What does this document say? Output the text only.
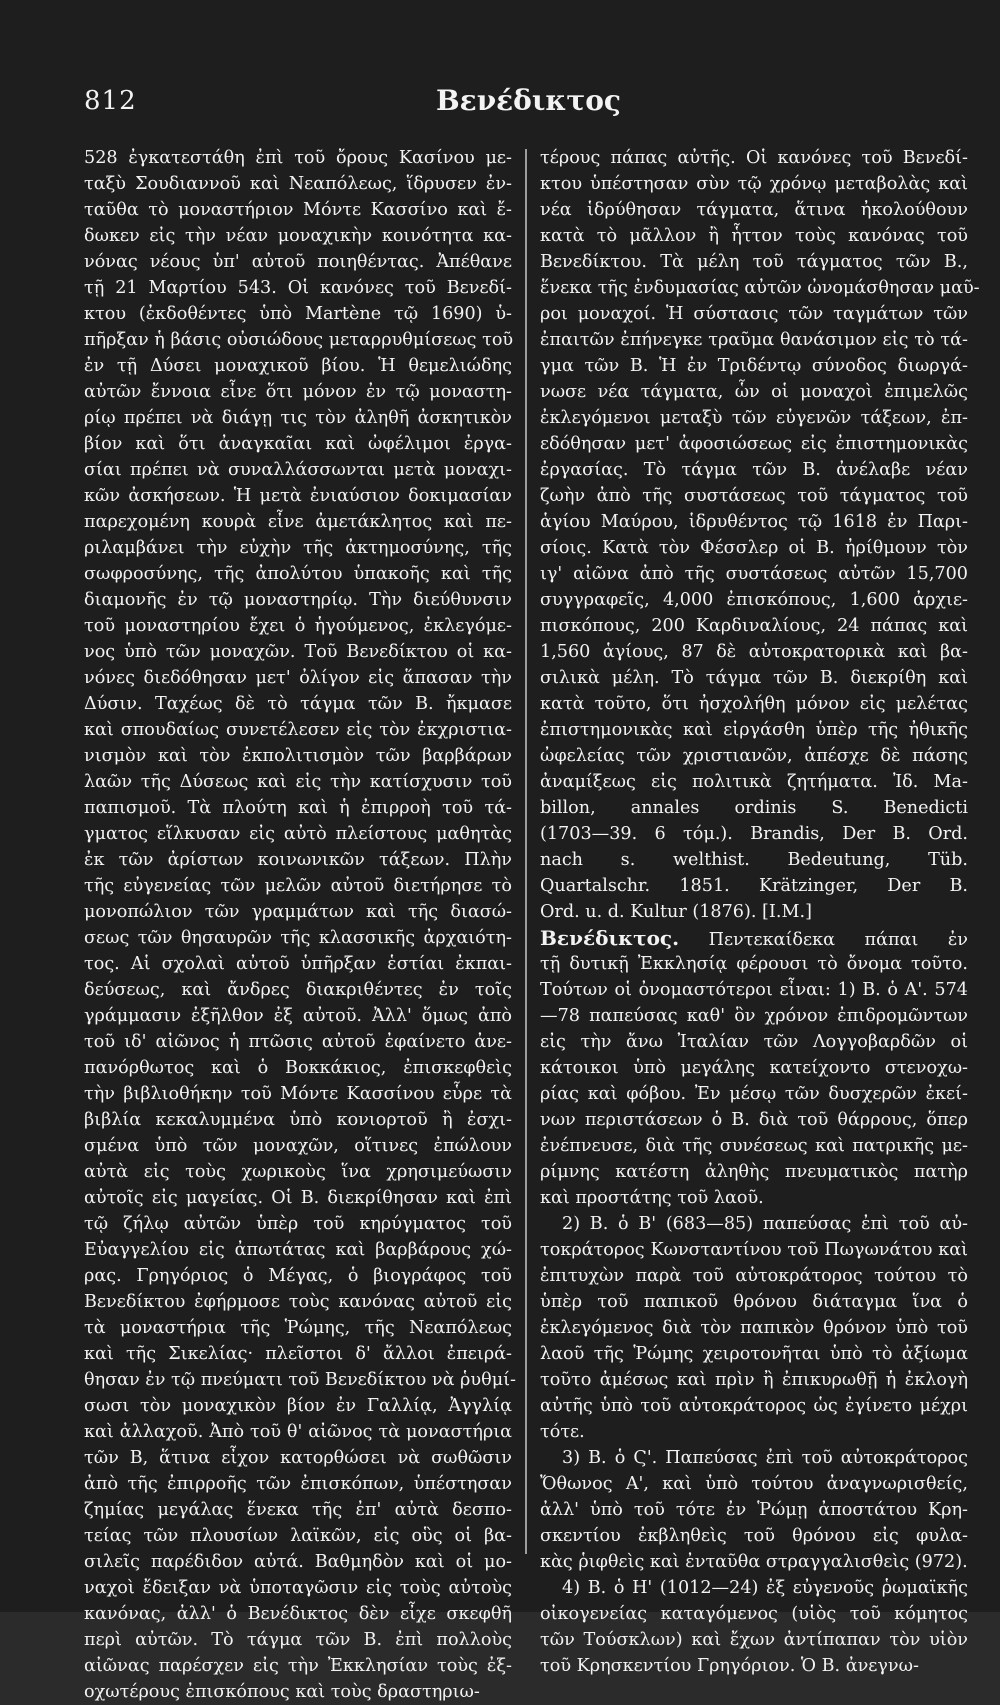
812	Βενέδικτος
528 ἐγκατεστάθη ἐπὶ τοῦ ὄρους Κασίνου με-
ταξὺ Σουδιαννοῦ καὶ Νεαπόλεως, ἵδρυσεν ἐν-
ταῦθα τὸ μοναστήριον Μόντε Κασσίνο καὶ ἔ-
δωκεν εἰς τὴν νέαν μοναχικὴν κοινότητα κα-
νόνας νέους ὑπ' αὐτοῦ ποιηθέντας. Ἀπέθανε
τῇ 21 Μαρτίου 543. Οἱ κανόνες τοῦ Βενεδί-
κτου (ἐκδοθέντες ὑπὸ Martène τῷ 1690) ὑ-
πῆρξαν ἡ βάσις οὐσιώδους μεταρρυθμίσεως τοῦ
ἐν τῇ Δύσει μοναχικοῦ βίου. Ἡ θεμελιώδης
αὐτῶν ἔννοια εἶνε ὅτι μόνον ἐν τῷ μοναστη-
ρίῳ πρέπει νὰ διάγῃ τις τὸν ἀληθῆ ἀσκητικὸν
βίον καὶ ὅτι ἀναγκαῖαι καὶ ὠφέλιμοι ἐργα-
σίαι πρέπει νὰ συναλλάσσωνται μετὰ μοναχι-
κῶν ἀσκήσεων. Ἡ μετὰ ἐνιαύσιον δοκιμασίαν
παρεχομένη κουρὰ εἶνε ἀμετάκλητος καὶ πε-
ριλαμβάνει τὴν εὐχὴν τῆς ἀκτημοσύνης, τῆς
σωφροσύνης, τῆς ἀπολύτου ὑπακοῆς καὶ τῆς
διαμονῆς ἐν τῷ μοναστηρίῳ. Τὴν διεύθυνσιν
τοῦ μοναστηρίου ἔχει ὁ ἡγούμενος, ἐκλεγόμε-
νος ὑπὸ τῶν μοναχῶν. Τοῦ Βενεδίκτου οἱ κα-
νόνες διεδόθησαν μετ' ὀλίγον εἰς ἅπασαν τὴν
Δύσιν. Ταχέως δὲ τὸ τάγμα τῶν Β. ἤκμασε
καὶ σπουδαίως συνετέλεσεν εἰς τὸν ἐκχριστια-
νισμὸν καὶ τὸν ἐκπολιτισμὸν τῶν βαρβάρων
λαῶν τῆς Δύσεως καὶ εἰς τὴν κατίσχυσιν τοῦ
παπισμοῦ. Τὰ πλούτη καὶ ἡ ἐπιρροὴ τοῦ τά-
γματος εἵλκυσαν εἰς αὐτὸ πλείστους μαθητὰς
ἐκ τῶν ἀρίστων κοινωνικῶν τάξεων. Πλὴν
τῆς εὐγενείας τῶν μελῶν αὐτοῦ διετήρησε τὸ
μονοπώλιον τῶν γραμμάτων καὶ τῆς διασώ-
σεως τῶν θησαυρῶν τῆς κλασσικῆς ἀρχαιότη-
τος. Αἱ σχολαὶ αὐτοῦ ὑπῆρξαν ἑστίαι ἐκπαι-
δεύσεως, καὶ ἄνδρες διακριθέντες ἐν τοῖς
γράμμασιν ἐξῆλθον ἐξ αὐτοῦ. Ἀλλ' ὅμως ἀπὸ
τοῦ ιδ' αἰῶνος ἡ πτῶσις αὐτοῦ ἐφαίνετο ἀνε-
πανόρθωτος καὶ ὁ Βοκκάκιος, ἐπισκεφθεὶς
τὴν βιβλιοθήκην τοῦ Μόντε Κασσίνου εὗρε τὰ
βιβλία κεκαλυμμένα ὑπὸ κονιορτοῦ ἢ ἐσχι-
σμένα ὑπὸ τῶν μοναχῶν, οἵτινες ἐπώλουν
αὐτὰ εἰς τοὺς χωρικοὺς ἵνα χρησιμεύωσιν
αὐτοῖς εἰς μαγείας. Οἱ Β. διεκρίθησαν καὶ ἐπὶ
τῷ ζήλῳ αὐτῶν ὑπὲρ τοῦ κηρύγματος τοῦ
Εὐαγγελίου εἰς ἀπωτάτας καὶ βαρβάρους χώ-
ρας. Γρηγόριος ὁ Μέγας, ὁ βιογράφος τοῦ
Βενεδίκτου ἐφήρμοσε τοὺς κανόνας αὐτοῦ εἰς
τὰ μοναστήρια τῆς Ῥώμης, τῆς Νεαπόλεως
καὶ τῆς Σικελίας· πλεῖστοι δ' ἄλλοι ἐπειρά-
θησαν ἐν τῷ πνεύματι τοῦ Βενεδίκτου νὰ ῥυθμί-
σωσι τὸν μοναχικὸν βίον ἐν Γαλλίᾳ, Ἀγγλίᾳ
καὶ ἀλλαχοῦ. Ἀπὸ τοῦ θ' αἰῶνος τὰ μοναστήρια
τῶν Β, ἅτινα εἶχον κατορθώσει νὰ σωθῶσιν
ἀπὸ τῆς ἐπιρροῆς τῶν ἐπισκόπων, ὑπέστησαν
ζημίας μεγάλας ἕνεκα τῆς ἐπ' αὐτὰ δεσπο-
τείας τῶν πλουσίων λαϊκῶν, εἰς οὓς οἱ βα-
σιλεῖς παρέδιδον αὐτά. Βαθμηδὸν καὶ οἱ μο-
ναχοὶ ἔδειξαν νὰ ὑποταγῶσιν εἰς τοὺς αὐτοὺς
κανόνας, ἀλλ' ὁ Βενέδικτος δὲν εἶχε σκεφθῆ
περὶ αὐτῶν. Τὸ τάγμα τῶν Β. ἐπὶ πολλοὺς
αἰῶνας παρέσχεν εἰς τὴν Ἐκκλησίαν τοὺς ἐξ-
οχωτέρους ἐπισκόπους καὶ τοὺς δραστηριω-
τέρους πάπας αὐτῆς. Οἱ κανόνες τοῦ Βενεδί-
κτου ὑπέστησαν σὺν τῷ χρόνῳ μεταβολὰς καὶ
νέα ἱδρύθησαν τάγματα, ἅτινα ἠκολούθουν
κατὰ τὸ μᾶλλον ἢ ἧττον τοὺς κανόνας τοῦ
Βενεδίκτου. Τὰ μέλη τοῦ τάγματος τῶν Β.,
ἕνεκα τῆς ἐνδυμασίας αὐτῶν ὠνομάσθησαν μαῦ-
ροι μοναχοί. Ἡ σύστασις τῶν ταγμάτων τῶν
ἐπαιτῶν ἐπήνεγκε τραῦμα θανάσιμον εἰς τὸ τά-
γμα τῶν Β. Ἡ ἐν Τριδέντῳ σύνοδος διωργά-
νωσε νέα τάγματα, ὧν οἱ μοναχοὶ ἐπιμελῶς
ἐκλεγόμενοι μεταξὺ τῶν εὐγενῶν τάξεων, ἐπ-
εδόθησαν μετ' ἀφοσιώσεως εἰς ἐπιστημονικὰς
ἐργασίας. Τὸ τάγμα τῶν Β. ἀνέλαβε νέαν
ζωὴν ἀπὸ τῆς συστάσεως τοῦ τάγματος τοῦ
ἁγίου Μαύρου, ἱδρυθέντος τῷ 1618 ἐν Παρι-
σίοις. Κατὰ τὸν Φέσσλερ οἱ Β. ἠρίθμουν τὸν
ιγ' αἰῶνα ἀπὸ τῆς συστάσεως αὐτῶν 15,700
συγγραφεῖς, 4,000 ἐπισκόπους, 1,600 ἀρχιε-
πισκόπους, 200 Καρδιναλίους, 24 πάπας καὶ
1,560 ἁγίους, 87 δὲ αὐτοκρατορικὰ καὶ βα-
σιλικὰ μέλη. Τὸ τάγμα τῶν Β. διεκρίθη καὶ
κατὰ τοῦτο, ὅτι ἠσχολήθη μόνον εἰς μελέτας
ἐπιστημονικὰς καὶ εἰργάσθη ὑπὲρ τῆς ἠθικῆς
ὠφελείας τῶν χριστιανῶν, ἀπέσχε δὲ πάσης
ἀναμίξεως εἰς πολιτικὰ ζητήματα. Ἰδ. Ma-
billon, annales ordinis S. Benedicti
(1703—39. 6 τόμ.). Brandis, Der B. Ord.
nach s. welthist. Bedeutung, Tüb.
Quartalschr. 1851. Krätzinger, Der B.
Ord. u. d. Kultur (1876). [I.M.]
Βενέδικτος. Πεντεκαίδεκα πάπαι ἐν
τῇ δυτικῇ Ἐκκλησίᾳ φέρουσι τὸ ὄνομα τοῦτο.
Τούτων οἱ ὀνομαστότεροι εἶναι: 1) Β. ὁ Α'. 574
—78 παπεύσας καθ' ὃν χρόνον ἐπιδρομῶντων
εἰς τὴν ἄνω Ἰταλίαν τῶν Λογγοβαρδῶν οἱ
κάτοικοι ὑπὸ μεγάλης κατείχοντο στενοχω-
ρίας καὶ φόβου. Ἐν μέσῳ τῶν δυσχερῶν ἐκεί-
νων περιστάσεων ὁ Β. διὰ τοῦ θάρρους, ὅπερ
ἐνέπνευσε, διὰ τῆς συνέσεως καὶ πατρικῆς με-
ρίμνης κατέστη ἀληθὴς πνευματικὸς πατὴρ
καὶ προστάτης τοῦ λαοῦ.
2) Β. ὁ Β' (683—85) παπεύσας ἐπὶ τοῦ αὐ-
τοκράτορος Κωνσταντίνου τοῦ Πωγωνάτου καὶ
ἐπιτυχὼν παρὰ τοῦ αὐτοκράτορος τούτου τὸ
ὑπὲρ τοῦ παπικοῦ θρόνου διάταγμα ἵνα ὁ
ἐκλεγόμενος διὰ τὸν παπικὸν θρόνον ὑπὸ τοῦ
λαοῦ τῆς Ῥώμης χειροτονῆται ὑπὸ τὸ ἀξίωμα
τοῦτο ἀμέσως καὶ πρὶν ἢ ἐπικυρωθῇ ἡ ἐκλογὴ
αὐτῆς ὑπὸ τοῦ αὐτοκράτορος ὡς ἐγίνετο μέχρι
τότε.
3) Β. ὁ Ϛ'. Παπεύσας ἐπὶ τοῦ αὐτοκράτορος
Ὄθωνος Α', καὶ ὑπὸ τούτου ἀναγνωρισθείς,
ἀλλ' ὑπὸ τοῦ τότε ἐν Ῥώμῃ ἀποστάτου Κρη-
σκεντίου ἐκβληθεὶς τοῦ θρόνου εἰς φυλα-
κὰς ῥιφθεὶς καὶ ἐνταῦθα στραγγαλισθεὶς (972).
4) Β. ὁ Η' (1012—24) ἐξ εὐγενοῦς ῥωμαϊκῆς
οἰκογενείας καταγόμενος (υἱὸς τοῦ κόμητος
τῶν Τούσκλων) καὶ ἔχων ἀντίπαπαν τὸν υἱὸν
τοῦ Κρησκεντίου Γρηγόριον. Ὁ Β. ἀνεγνω-
